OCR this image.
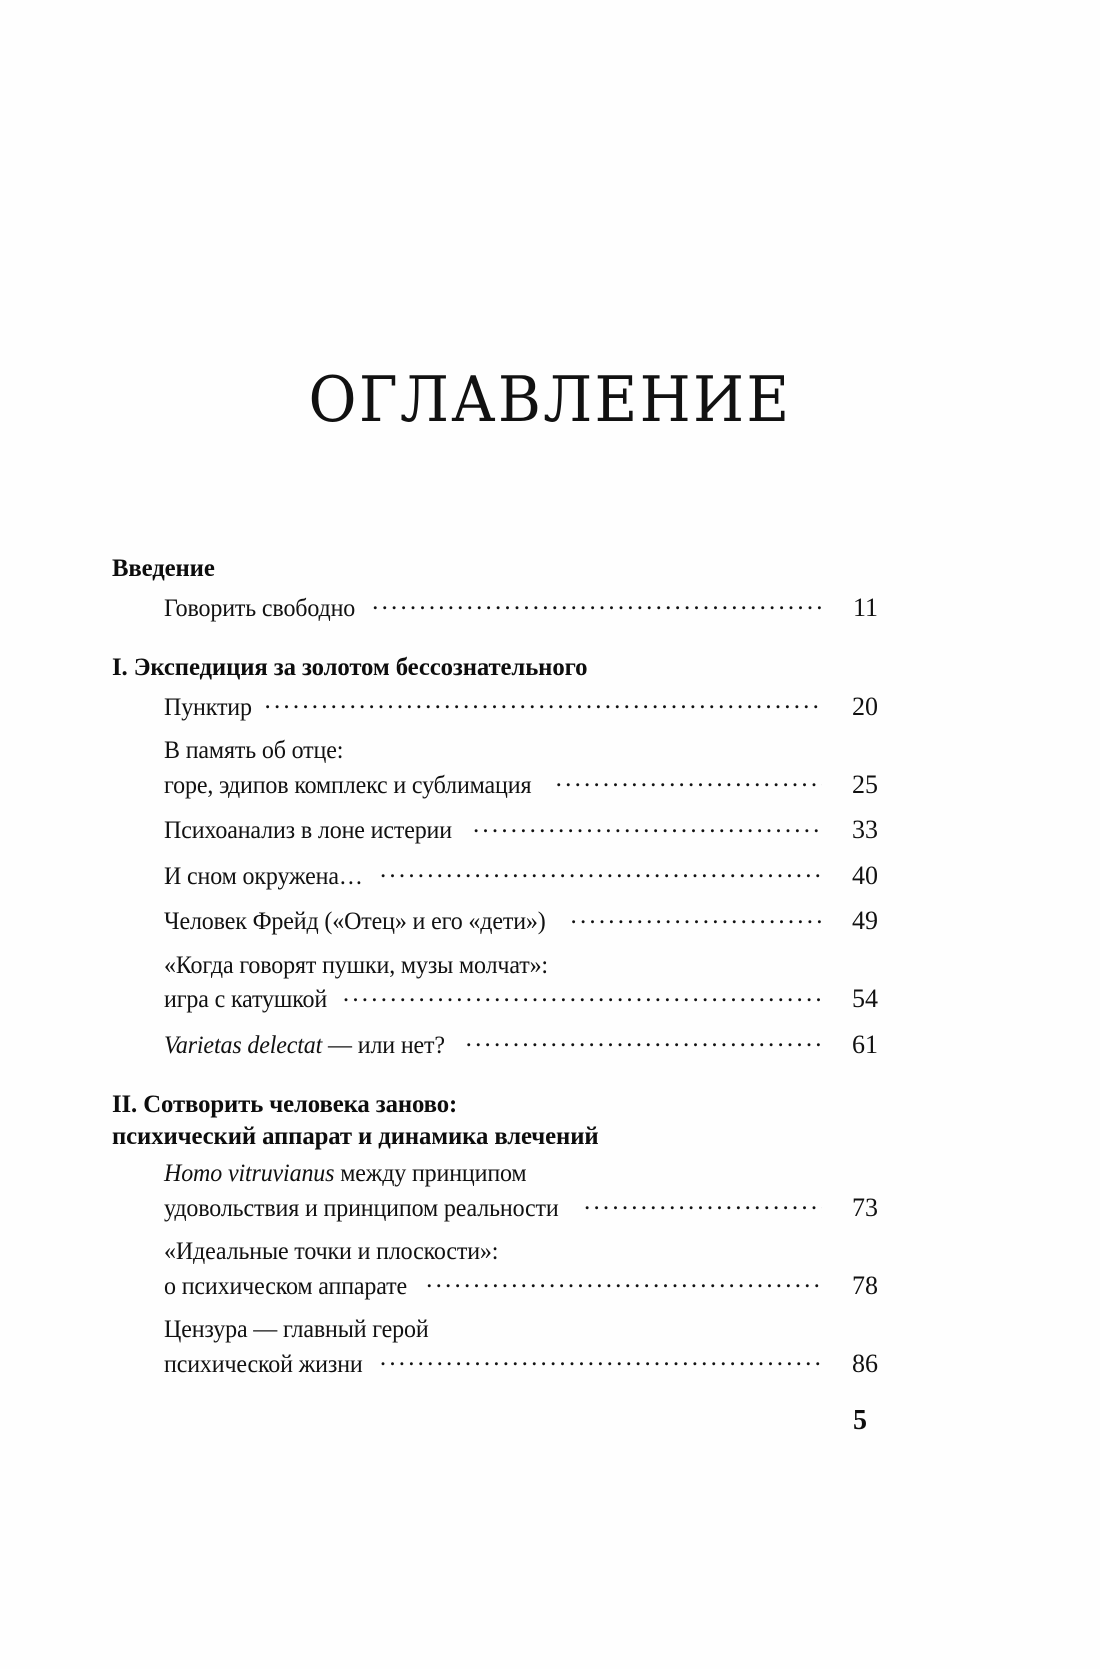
ОГЛАВЛЕНИЕ
Введение
Говорить свободно .....	11
I. Экспедиция за золотом бессознательного
Пунктир .....	20
В память об отце:
горе, эдипов комплекс и сублимация .....	25
Психоанализ в лоне истерии .....	33
И сном окружена… .....	40
Человек Фрейд («Отец» и его «дети») .....	49
«Когда говорят пушки, музы молчат»:
игра с катушкой .....	54
Varietas delectat — или нет? .....	61
II. Сотворить человека заново:
психический аппарат и динамика влечений
Homo vitruvianus между принципом
удовольствия и принципом реальности .....	73
«Идеальные точки и плоскости»:
о психическом аппарате .....	78
Цензура — главный герой
психической жизни .....	86
5
